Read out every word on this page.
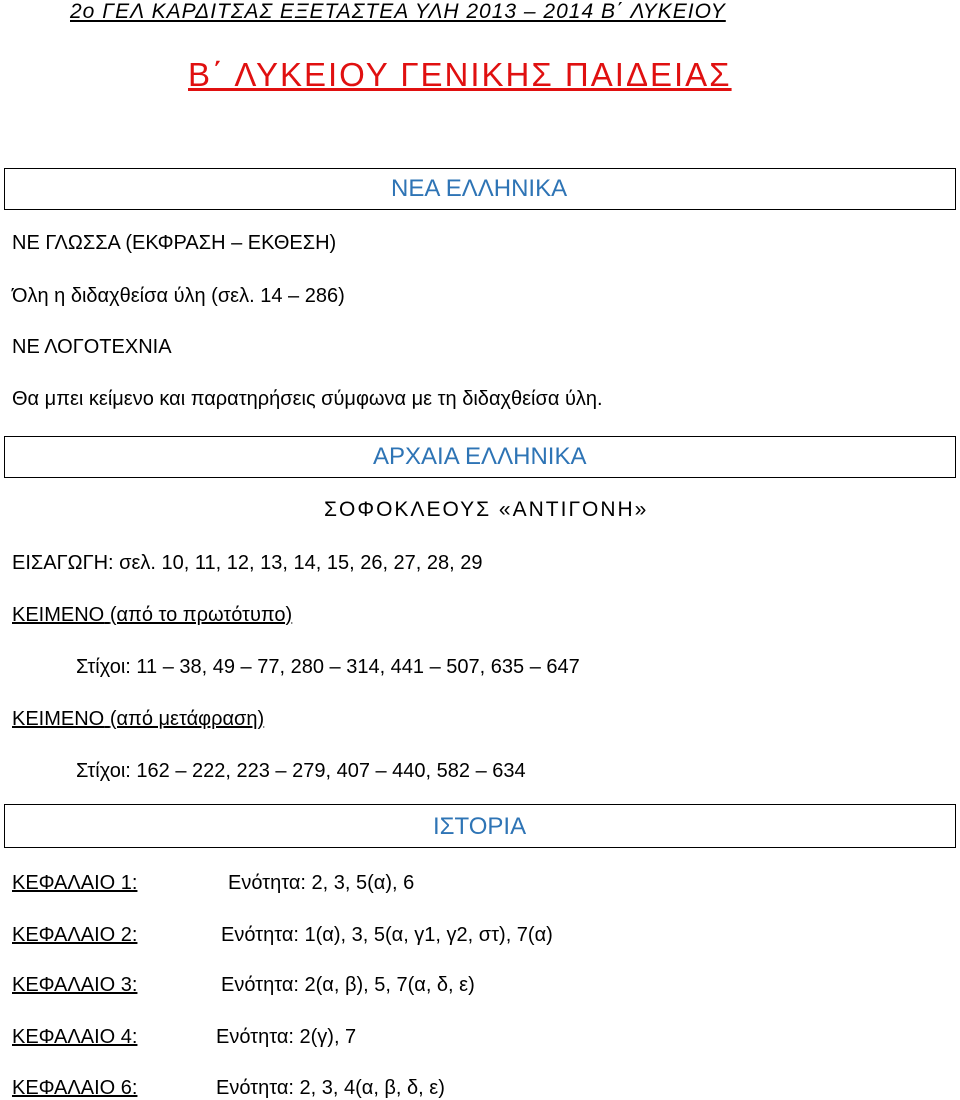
2ο ΓΕΛ ΚΑΡΔΙΤΣΑΣ ΕΞΕΤΑΣΤΕΑ ΥΛΗ 2013 – 2014 Β΄ ΛΥΚΕΙΟΥ
Β΄ ΛΥΚΕΙΟΥ ΓΕΝΙΚΗΣ ΠΑΙΔΕΙΑΣ
ΝΕΑ ΕΛΛΗΝΙΚΑ
ΝΕ ΓΛΩΣΣΑ (ΕΚΦΡΑΣΗ – ΕΚΘΕΣΗ)
Όλη η διδαχθείσα ύλη (σελ. 14 – 286)
ΝΕ ΛΟΓΟΤΕΧΝΙΑ
Θα μπει κείμενο και παρατηρήσεις σύμφωνα με τη διδαχθείσα ύλη.
ΑΡΧΑΙΑ ΕΛΛΗΝΙΚΑ
ΣΟΦΟΚΛΕΟΥΣ «ΑΝΤΙΓΟΝΗ»
ΕΙΣΑΓΩΓΗ: σελ. 10, 11, 12, 13, 14, 15, 26, 27, 28, 29
ΚΕΙΜΕΝΟ (από το πρωτότυπο)
Στίχοι: 11 – 38, 49 – 77, 280 – 314, 441 – 507, 635 – 647
ΚΕΙΜΕΝΟ (από μετάφραση)
Στίχοι: 162 – 222, 223 – 279, 407 – 440, 582 – 634
ΙΣΤΟΡΙΑ
ΚΕΦΑΛΑΙΟ 1:	Ενότητα: 2, 3, 5(α), 6
ΚΕΦΑΛΑΙΟ 2:	Ενότητα: 1(α), 3, 5(α, γ1, γ2, στ), 7(α)
ΚΕΦΑΛΑΙΟ 3:	Ενότητα: 2(α, β), 5, 7(α, δ, ε)
ΚΕΦΑΛΑΙΟ 4:	Ενότητα: 2(γ), 7
ΚΕΦΑΛΑΙΟ 6:	Ενότητα: 2, 3, 4(α, β, δ, ε)
